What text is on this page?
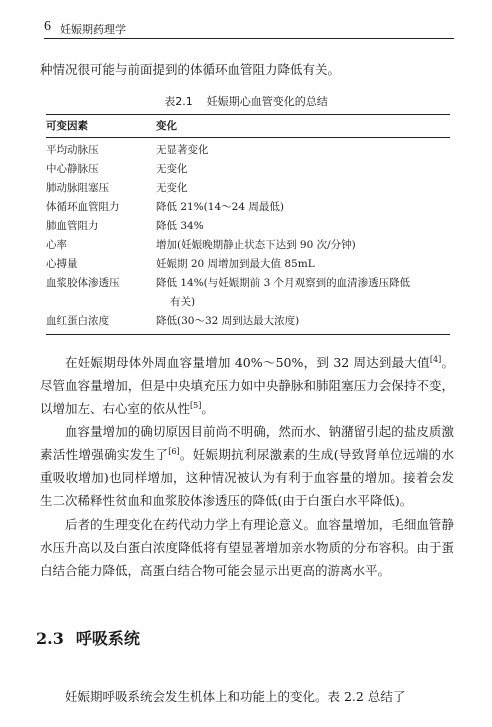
6 妊娠期药理学

种情况很可能与前面提到的体循环血管阻力降低有关。

表2.1 妊娠期心血管变化的总结
可变因素	变化
平均动脉压	无显著变化
中心静脉压	无变化
肺动脉阻塞压	无变化
体循环血管阻力	降低 21%(14～24 周最低)
肺血管阻力	降低 34%
心率	增加(妊娠晚期静止状态下达到 90 次/分钟)
心搏量	妊娠期 20 周增加到最大值 85mL
血浆胶体渗透压	降低 14%(与妊娠期前 3 个月观察到的血清渗透压降低
有关)
血红蛋白浓度	降低(30～32 周到达最大浓度)

在妊娠期母体外周血容量增加 40%～50%，到 32 周达到最大值[4]。尽管血容量增加，但是中央填充压力如中央静脉和肺阻塞压力会保持不变，以增加左、右心室的依从性[5]。

血容量增加的确切原因目前尚不明确，然而水、钠潴留引起的盐皮质激素活性增强确实发生了[6]。妊娠期抗利尿激素的生成(导致肾单位远端的水重吸收增加)也同样增加，这种情况被认为有利于血容量的增加。接着会发生二次稀释性贫血和血浆胶体渗透压的降低(由于白蛋白水平降低)。

后者的生理变化在药代动力学上有理论意义。血容量增加，毛细血管静水压升高以及白蛋白浓度降低将有望显著增加亲水物质的分布容积。由于蛋白结合能力降低，高蛋白结合物可能会显示出更高的游离水平。

2.3 呼吸系统

妊娠期呼吸系统会发生机体上和功能上的变化。表 2.2 总结了
